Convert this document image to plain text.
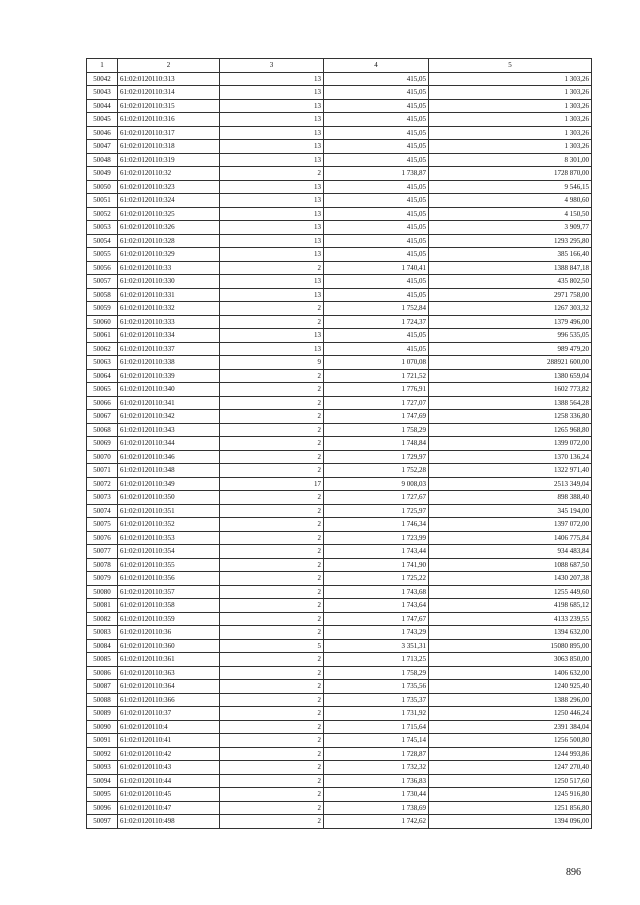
1	2	3	4	5
50042	61:02:0120110:313	13	415,05	1 303,26
50043	61:02:0120110:314	13	415,05	1 303,26
50044	61:02:0120110:315	13	415,05	1 303,26
50045	61:02:0120110:316	13	415,05	1 303,26
50046	61:02:0120110:317	13	415,05	1 303,26
50047	61:02:0120110:318	13	415,05	1 303,26
50048	61:02:0120110:319	13	415,05	8 301,00
50049	61:02:0120110:32	2	1 738,87	1728 870,00
50050	61:02:0120110:323	13	415,05	9 546,15
50051	61:02:0120110:324	13	415,05	4 980,60
50052	61:02:0120110:325	13	415,05	4 150,50
50053	61:02:0120110:326	13	415,05	3 909,77
50054	61:02:0120110:328	13	415,05	1293 295,80
50055	61:02:0120110:329	13	415,05	385 166,40
50056	61:02:0120110:33	2	1 740,41	1388 847,18
50057	61:02:0120110:330	13	415,05	435 802,50
50058	61:02:0120110:331	13	415,05	2971 758,00
50059	61:02:0120110:332	2	1 752,84	1267 303,32
50060	61:02:0120110:333	2	1 724,37	1379 496,00
50061	61:02:0120110:334	13	415,05	996 535,05
50062	61:02:0120110:337	13	415,05	989 479,20
50063	61:02:0120110:338	9	1 070,08	288921 600,00
50064	61:02:0120110:339	2	1 721,52	1380 659,04
50065	61:02:0120110:340	2	1 776,91	1602 773,82
50066	61:02:0120110:341	2	1 727,07	1388 564,28
50067	61:02:0120110:342	2	1 747,69	1258 336,80
50068	61:02:0120110:343	2	1 758,29	1265 968,80
50069	61:02:0120110:344	2	1 748,84	1399 072,00
50070	61:02:0120110:346	2	1 729,97	1370 136,24
50071	61:02:0120110:348	2	1 752,28	1322 971,40
50072	61:02:0120110:349	17	9 008,03	2513 349,04
50073	61:02:0120110:350	2	1 727,67	898 388,40
50074	61:02:0120110:351	2	1 725,97	345 194,00
50075	61:02:0120110:352	2	1 746,34	1397 072,00
50076	61:02:0120110:353	2	1 723,99	1406 775,84
50077	61:02:0120110:354	2	1 743,44	934 483,84
50078	61:02:0120110:355	2	1 741,90	1088 687,50
50079	61:02:0120110:356	2	1 725,22	1430 207,38
50080	61:02:0120110:357	2	1 743,68	1255 449,60
50081	61:02:0120110:358	2	1 743,64	4198 685,12
50082	61:02:0120110:359	2	1 747,67	4133 239,55
50083	61:02:0120110:36	2	1 743,29	1394 632,00
50084	61:02:0120110:360	5	3 351,31	15080 895,00
50085	61:02:0120110:361	2	1 713,25	3063 850,00
50086	61:02:0120110:363	2	1 758,29	1406 632,00
50087	61:02:0120110:364	2	1 735,56	1240 925,40
50088	61:02:0120110:366	2	1 735,37	1388 296,00
50089	61:02:0120110:37	2	1 731,92	1250 446,24
50090	61:02:0120110:4	2	1 715,64	2391 384,04
50091	61:02:0120110:41	2	1 745,14	1256 500,80
50092	61:02:0120110:42	2	1 728,87	1244 993,86
50093	61:02:0120110:43	2	1 732,32	1247 270,40
50094	61:02:0120110:44	2	1 736,83	1250 517,60
50095	61:02:0120110:45	2	1 730,44	1245 916,80
50096	61:02:0120110:47	2	1 738,69	1251 856,80
50097	61:02:0120110:498	2	1 742,62	1394 096,00
896
